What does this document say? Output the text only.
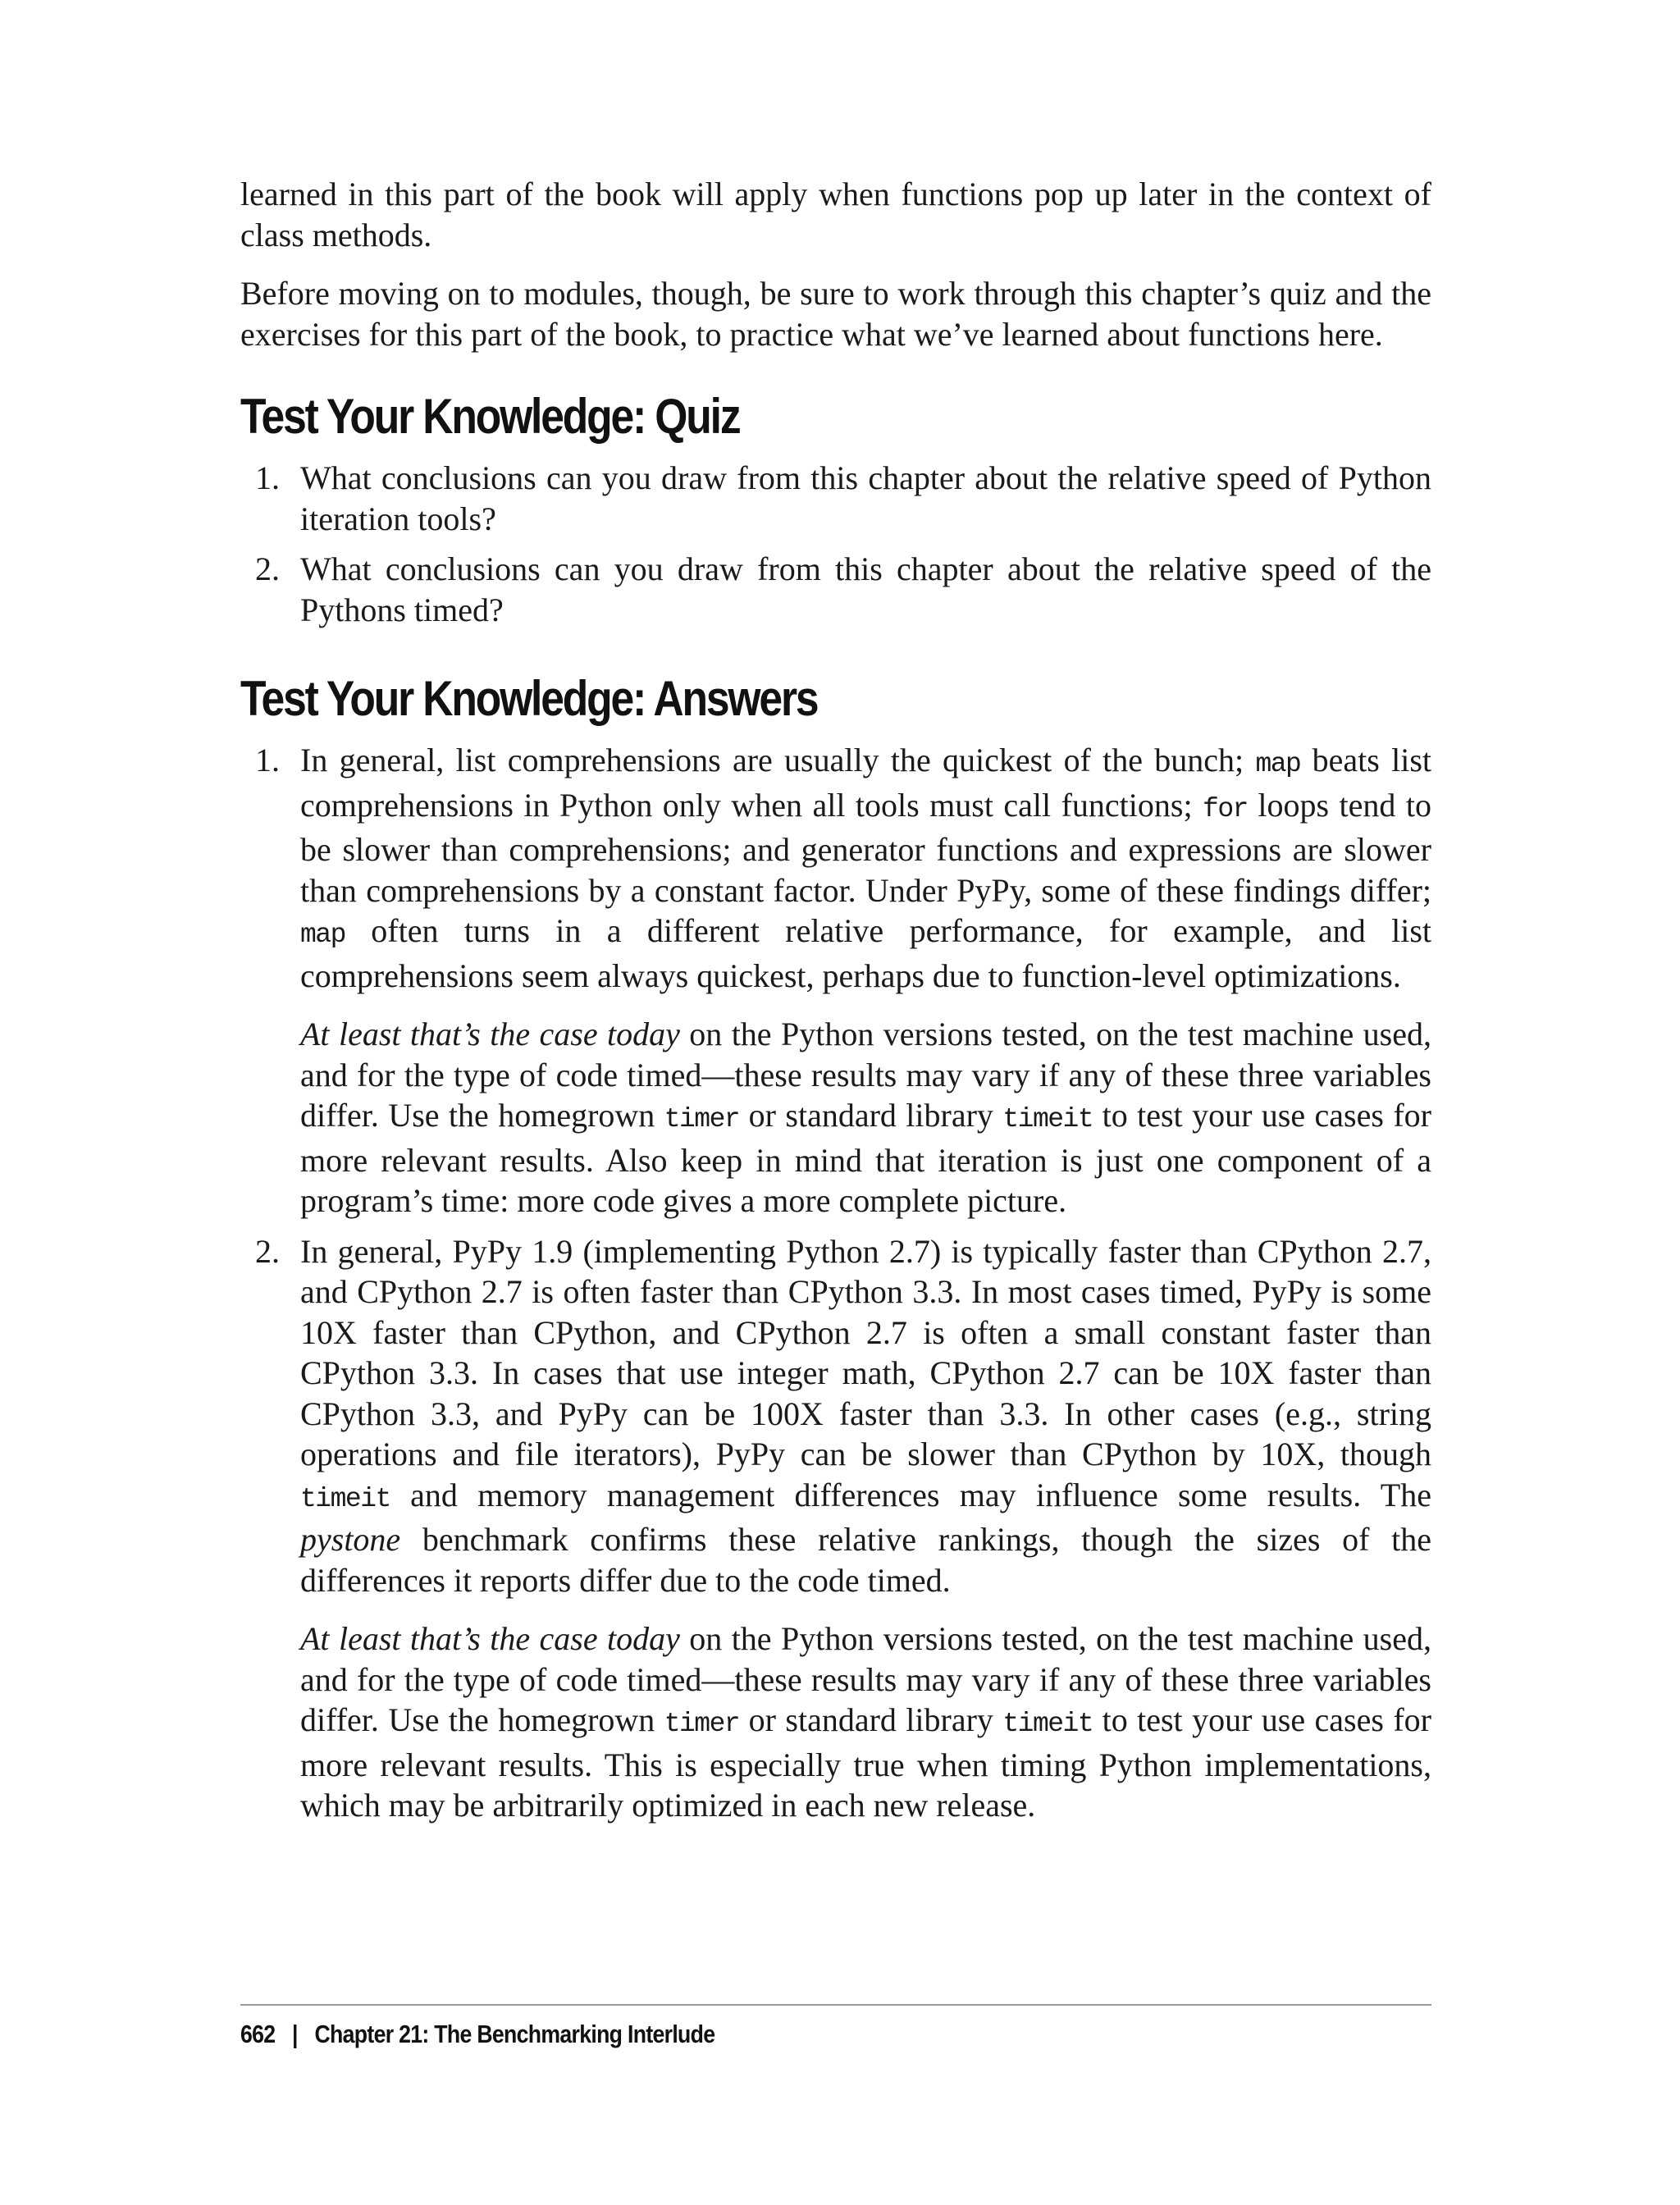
learned in this part of the book will apply when functions pop up later in the context of class methods.

Before moving on to modules, though, be sure to work through this chapter’s quiz and the exercises for this part of the book, to practice what we’ve learned about functions here.

Test Your Knowledge: Quiz
1. What conclusions can you draw from this chapter about the relative speed of Python iteration tools?

2. What conclusions can you draw from this chapter about the relative speed of the Pythons timed?

Test Your Knowledge: Answers
1. In general, list comprehensions are usually the quickest of the bunch; map beats list comprehensions in Python only when all tools must call functions; for loops tend to be slower than comprehensions; and generator functions and expressions are slower than comprehensions by a constant factor. Under PyPy, some of these findings differ; map often turns in a different relative performance, for example, and list comprehensions seem always quickest, perhaps due to function-level optimizations.

At least that’s the case today on the Python versions tested, on the test machine used, and for the type of code timed—these results may vary if any of these three variables differ. Use the homegrown timer or standard library timeit to test your use cases for more relevant results. Also keep in mind that iteration is just one component of a program’s time: more code gives a more complete picture.

2. In general, PyPy 1.9 (implementing Python 2.7) is typically faster than CPython 2.7, and CPython 2.7 is often faster than CPython 3.3. In most cases timed, PyPy is some 10X faster than CPython, and CPython 2.7 is often a small constant faster than CPython 3.3. In cases that use integer math, CPython 2.7 can be 10X faster than CPython 3.3, and PyPy can be 100X faster than 3.3. In other cases (e.g., string operations and file iterators), PyPy can be slower than CPython by 10X, though timeit and memory management differences may influence some results. The pystone benchmark confirms these relative rankings, though the sizes of the differences it reports differ due to the code timed.

At least that’s the case today on the Python versions tested, on the test machine used, and for the type of code timed—these results may vary if any of these three variables differ. Use the homegrown timer or standard library timeit to test your use cases for more relevant results. This is especially true when timing Python implementations, which may be arbitrarily optimized in each new release.

662 | Chapter 21: The Benchmarking Interlude
